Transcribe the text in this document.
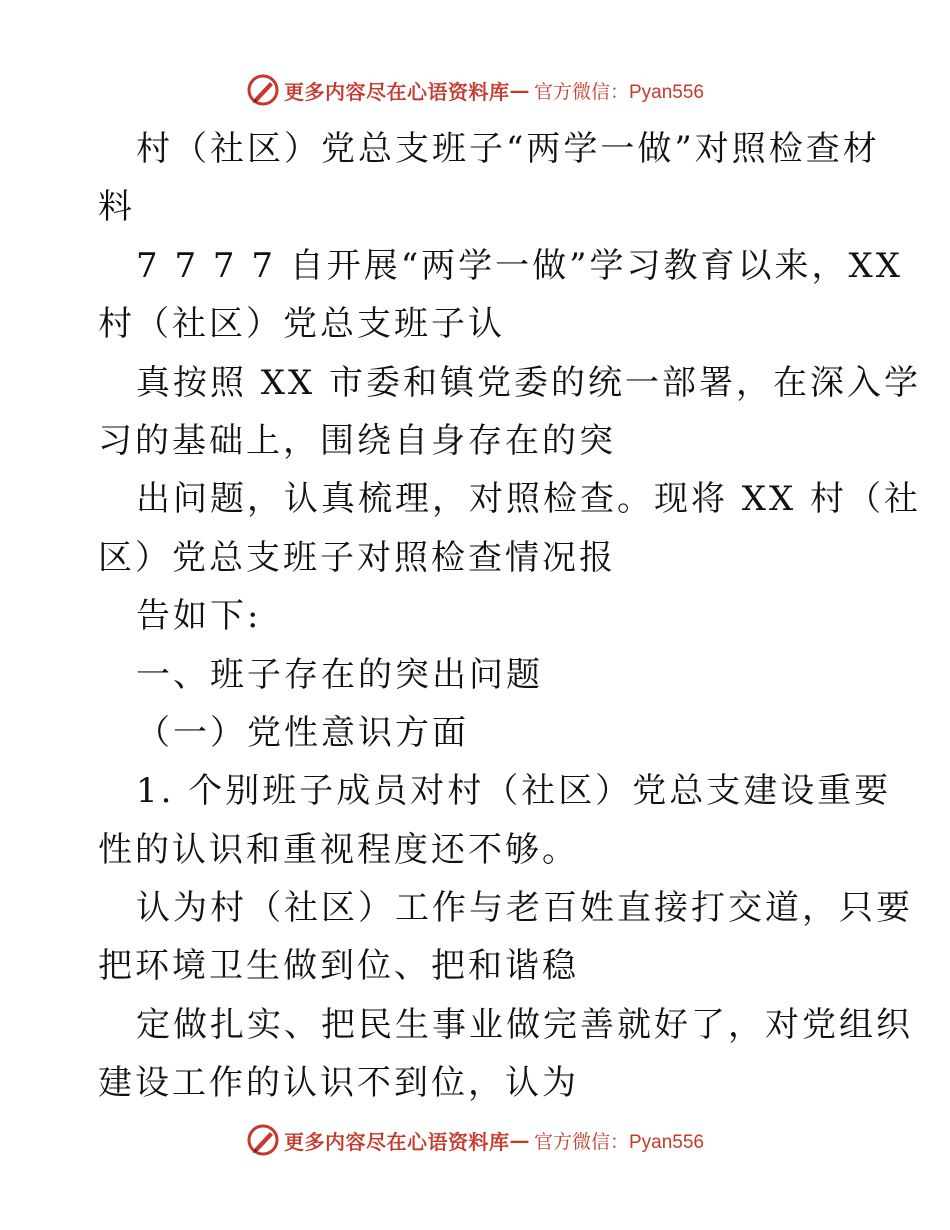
更多内容尽在心语资料库 — 官方微信：Pyan556
村（社区）党总支班子“两学一做”对照检查材
料
7 7 7 7 自开展“两学一做”学习教育以来，XX
村（社区）党总支班子认
真按照 XX 市委和镇党委的统一部署，在深入学
习的基础上，围绕自身存在的突
出问题，认真梳理，对照检查。现将 XX 村（社
区）党总支班子对照检查情况报
告如下:
一、班子存在的突出问题
（一）党性意识方面
1. 个别班子成员对村（社区）党总支建设重要
性的认识和重视程度还不够。
认为村（社区）工作与老百姓直接打交道，只要
把环境卫生做到位、把和谐稳
定做扎实、把民生事业做完善就好了，对党组织
建设工作的认识不到位，认为
更多内容尽在心语资料库 — 官方微信：Pyan556
